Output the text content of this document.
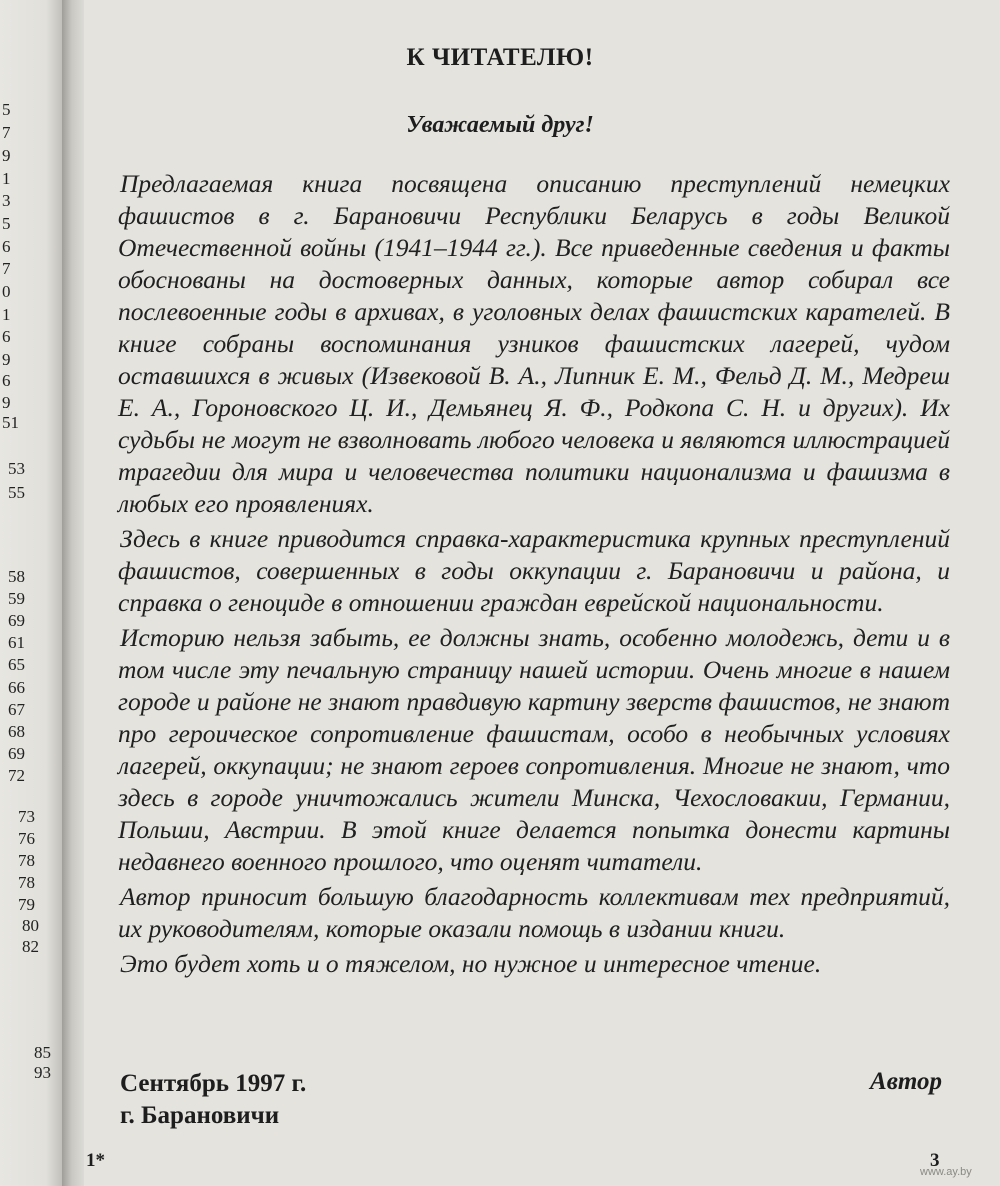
5
7
9
1
3
5
6
7
0
1
6
9
6
9
51
53
55
58
59
69
61
65
66
67
68
69
72
73
76
78
78
79
80
82
85
93
К ЧИТАТЕЛЮ!
Уважаемый друг!

Предлагаемая книга посвящена описанию преступлений немецких фашистов в г. Барановичи Республики Беларусь в годы Великой Отечественной войны (1941–1944 гг.). Все приведенные сведения и факты обоснованы на достоверных данных, которые автор собирал все послевоенные годы в архивах, в уголовных делах фашистских карателей. В книге собраны воспоминания узников фашистских лагерей, чудом оставшихся в живых (Извековой В. А., Липник Е. М., Фельд Д. М., Медреш Е. А., Гороновского Ц. И., Демьянец Я. Ф., Родкопа С. Н. и других). Их судьбы не могут не взволновать любого человека и являются иллюстрацией трагедии для мира и человечества политики национализма и фашизма в любых его проявлениях.

Здесь в книге приводится справка-характеристика крупных преступлений фашистов, совершенных в годы оккупации г. Барановичи и района, и справка о геноциде в отношении граждан еврейской национальности.

Историю нельзя забыть, ее должны знать, особенно молодежь, дети и в том числе эту печальную страницу нашей истории. Очень многие в нашем городе и районе не знают правдивую картину зверств фашистов, не знают про героическое сопротивление фашистам, особо в необычных условиях лагерей, оккупации; не знают героев сопротивления. Многие не знают, что здесь в городе уничтожались жители Минска, Чехословакии, Германии, Польши, Австрии. В этой книге делается попытка донести картины недавнего военного прошлого, что оценят читатели.

Автор приносит большую благодарность коллективам тех предприятий, их руководителям, которые оказали помощь в издании книги.

Это будет хоть и о тяжелом, но нужное и интересное чтение.

Сентябрь 1997 г.
г. Барановичи
Автор
1*	3
www.ay.by
